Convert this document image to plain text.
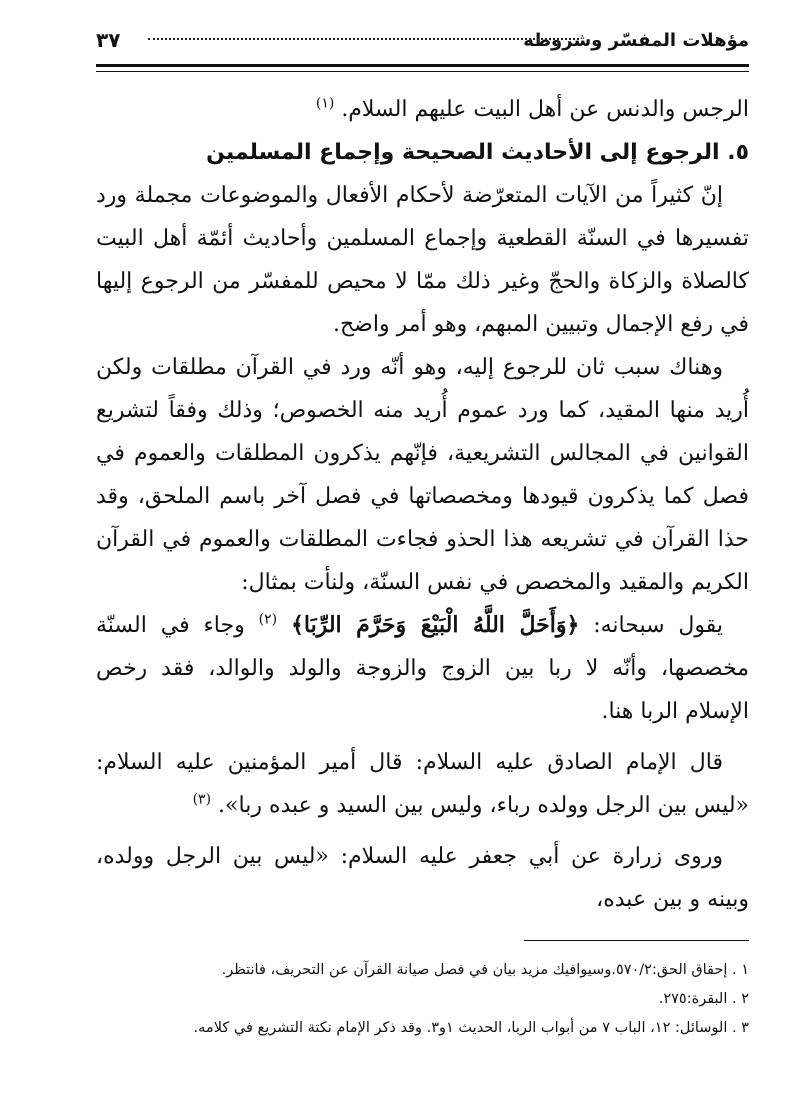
مؤهلات المفسّر وشروطه
٣٧

الرجس والدنس عن أهل البيت عليهم السلام. $^{(١)}$

٥. الرجوع إلى الأحاديث الصحيحة وإجماع المسلمين

إنّ كثيراً من الآيات المتعرّضة لأحكام الأفعال والموضوعات مجملة ورد تفسيرها في السنّة القطعية وإجماع المسلمين وأحاديث أئمّة أهل البيت كالصلاة والزكاة والحجّ وغير ذلك ممّا لا محيص للمفسّر من الرجوع إليها في رفع الإجمال وتبيين المبهم، وهو أمر واضح.

وهناك سبب ثان للرجوع إليه، وهو أنّه ورد في القرآن مطلقات ولكن أُريد منها المقيد، كما ورد عموم أُريد منه الخصوص؛ وذلك وفقاً لتشريع القوانين في المجالس التشريعية، فإنّهم يذكرون المطلقات والعموم في فصل كما يذكرون قيودها ومخصصاتها في فصل آخر باسم الملحق، وقد حذا القرآن في تشريعه هذا الحذو فجاءت المطلقات والعموم في القرآن الكريم والمقيد والمخصص في نفس السنّة، ولنأت بمثال:

يقول سبحانه: ﴿وَأَحَلَّ اللَّهُ الْبَيْعَ وَحَرَّمَ الرِّبَا﴾ $^{(٢)}$ وجاء في السنّة مخصصها، وأنّه لا ربا بين الزوج والزوجة والولد والوالد، فقد رخص الإسلام الربا هنا.

قال الإمام الصادق عليه السلام: قال أمير المؤمنين عليه السلام: «ليس بين الرجل وولده رباء، وليس بين السيد و عبده ربا». $^{(٣)}$

وروى زرارة عن أبي جعفر عليه السلام: «ليس بين الرجل وولده، وبينه و بين عبده،

١ . إحقاق الحق:٥٧٠/٢.وسيوافيك مزيد بيان في فصل صيانة القرآن عن التحريف، فانتظر.
٢ . البقرة:٢٧٥.
٣ . الوسائل: ١٢، الباب ٧ من أبواب الربا، الحديث ١و٣. وقد ذكر الإمام نكتة التشريع في كلامه.
